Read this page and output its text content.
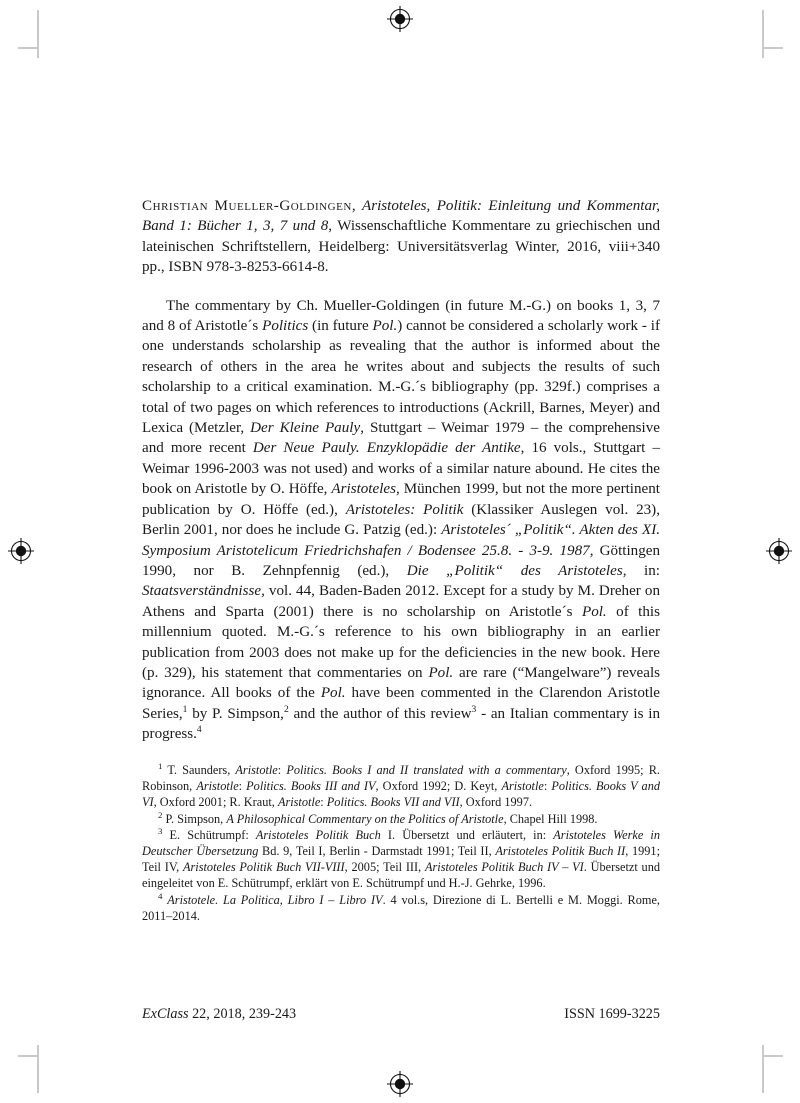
Christian Mueller-Goldingen, Aristoteles, Politik: Einleitung und Kommentar, Band 1: Bücher 1, 3, 7 und 8, Wissenschaftliche Kommentare zu griechischen und lateinischen Schriftstellern, Heidelberg: Universitätsverlag Winter, 2016, viii+340 pp., ISBN 978-3-8253-6614-8.

The commentary by Ch. Mueller-Goldingen (in future M.-G.) on books 1, 3, 7 and 8 of Aristotle´s Politics (in future Pol.) cannot be considered a scholarly work - if one understands scholarship as revealing that the author is informed about the research of others in the area he writes about and subjects the results of such scholarship to a critical examination. M.-G.´s bibliography (pp. 329f.) comprises a total of two pages on which references to introductions (Ackrill, Barnes, Meyer) and Lexica (Metzler, Der Kleine Pauly, Stuttgart – Weimar 1979 – the comprehensive and more recent Der Neue Pauly. Enzyklopädie der Antike, 16 vols., Stuttgart – Weimar 1996-2003 was not used) and works of a similar nature abound. He cites the book on Aristotle by O. Höffe, Aristoteles, München 1999, but not the more pertinent publication by O. Höffe (ed.), Aristoteles: Politik (Klassiker Auslegen vol. 23), Berlin 2001, nor does he include G. Patzig (ed.): Aristoteles´ „Politik“. Akten des XI. Symposium Aristotelicum Friedrichshafen / Bodensee 25.8. - 3-9. 1987, Göttingen 1990, nor B. Zehnpfennig (ed.), Die „Politik“ des Aristoteles, in: Staatsverständnisse, vol. 44, Baden-Baden 2012. Except for a study by M. Dreher on Athens and Sparta (2001) there is no scholarship on Aristotle´s Pol. of this millennium quoted. M.-G.´s reference to his own bibliography in an earlier publication from 2003 does not make up for the deficiencies in the new book. Here (p. 329), his statement that commentaries on Pol. are rare (“Mangelware”) reveals ignorance. All books of the Pol. have been commented in the Clarendon Aristotle Series,$^1$ by P. Simpson,$^2$ and the author of this review$^3$ - an Italian commentary is in progress.$^4$

$^1$ T. Saunders, Aristotle: Politics. Books I and II translated with a commentary, Oxford 1995; R. Robinson, Aristotle: Politics. Books III and IV, Oxford 1992; D. Keyt, Aristotle: Politics. Books V and VI, Oxford 2001; R. Kraut, Aristotle: Politics. Books VII and VII, Oxford 1997.

$^2$ P. Simpson, A Philosophical Commentary on the Politics of Aristotle, Chapel Hill 1998.

$^3$ E. Schütrumpf: Aristoteles Politik Buch I. Übersetzt und erläutert, in: Aristoteles Werke in Deutscher Übersetzung Bd. 9, Teil I, Berlin - Darmstadt 1991; Teil II, Aristoteles Politik Buch II, 1991; Teil IV, Aristoteles Politik Buch VII-VIII, 2005; Teil III, Aristoteles Politik Buch IV – VI. Übersetzt und eingeleitet von E. Schütrumpf, erklärt von E. Schütrumpf und H.-J. Gehrke, 1996.

$^4$ Aristotele. La Politica, Libro I – Libro IV. 4 vol.s, Direzione di L. Bertelli e M. Moggi. Rome, 2011–2014.

ExClass 22, 2018, 239-243	ISSN 1699-3225
